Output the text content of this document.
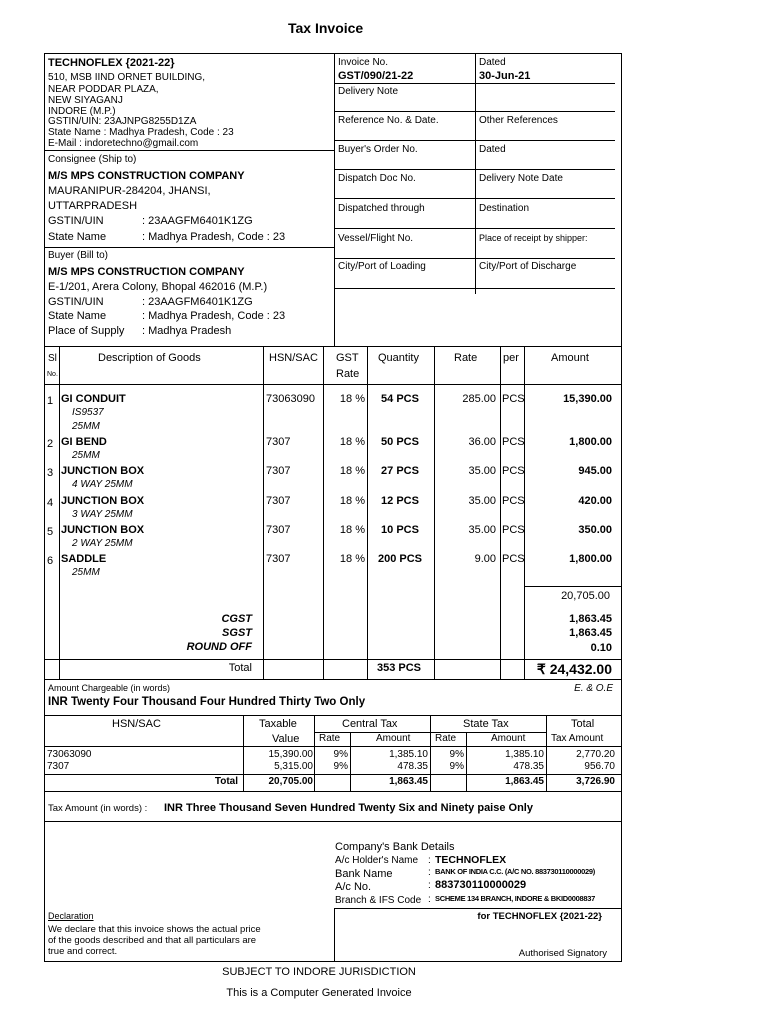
Tax Invoice
TECHNOFLEX {2021-22}
510, MSB IIND ORNET BUILDING,
NEAR PODDAR PLAZA,
NEW SIYAGANJ
INDORE (M.P.)
GSTIN/UIN: 23AJNPG8255D1ZA
State Name : Madhya Pradesh, Code : 23
E-Mail : indoretechno@gmail.com
Consignee (Ship to)
M/S MPS CONSTRUCTION COMPANY
MAURANIPUR-284204, JHANSI,
UTTARPRADESH
GSTIN/UIN	: 23AAGFM6401K1ZG
State Name	: Madhya Pradesh, Code : 23
Buyer (Bill to)
M/S MPS CONSTRUCTION COMPANY
E-1/201, Arera Colony, Bhopal 462016 (M.P.)
GSTIN/UIN	: 23AAGFM6401K1ZG
State Name	: Madhya Pradesh, Code : 23
Place of Supply : Madhya Pradesh
Invoice No.
GST/090/21-22
Dated
30-Jun-21
Delivery Note
Reference No. & Date.	Other References
Buyer's Order No.	Dated
Dispatch Doc No.	Delivery Note Date
Dispatched through	Destination
Vessel/Flight No.	Place of receipt by shipper:
City/Port of Loading	City/Port of Discharge
Sl
No.
Description of Goods	HSN/SAC GST
Rate
Quantity	Rate per	Amount
1 GI CONDUIT
IS9537
25MM
73063090	18 %	54 PCS	285.00 PCS	15,390.00
2 GI BEND
25MM
7307	18 %	50 PCS	36.00 PCS	1,800.00
3 JUNCTION BOX
4 WAY 25MM
7307	18 %	27 PCS	35.00 PCS	945.00
4 JUNCTION BOX
3 WAY 25MM
7307	18 %	12 PCS	35.00 PCS	420.00
5 JUNCTION BOX
2 WAY 25MM
7307	18 %	10 PCS	35.00 PCS	350.00
6 SADDLE
25MM
7307	18 %	200 PCS	9.00 PCS	1,800.00
20,705.00
CGST	1,863.45
SGST	1,863.45
ROUND OFF	0.10
Total	353 PCS	₹ 24,432.00
Amount Chargeable (in words)	E. & O.E
INR Twenty Four Thousand Four Hundred Thirty Two Only
HSN/SAC	Taxable
Value
Central Tax	State Tax	Total
Rate	Amount Rate	Amount	Tax Amount
73063090	15,390.00	9%	1,385.10	9%	1,385.10	2,770.20
7307	5,315.00	9%	478.35	9%	478.35	956.70
Total	20,705.00	1,863.45	1,863.45	3,726.90
Tax Amount (in words) : INR Three Thousand Seven Hundred Twenty Six and Ninety paise Only
Company's Bank Details
A/c Holder's Name : TECHNOFLEX
Bank Name	: BANK OF INDIA C.C. (A/C NO. 883730110000029)
A/c No.	: 883730110000029
Branch & IFS Code : SCHEME 134 BRANCH, INDORE & BKID0008837
Declaration
We declare that this invoice shows the actual price
of the goods described and that all particulars are
true and correct.
for TECHNOFLEX {2021-22}
Authorised Signatory
SUBJECT TO INDORE JURISDICTION
This is a Computer Generated Invoice
